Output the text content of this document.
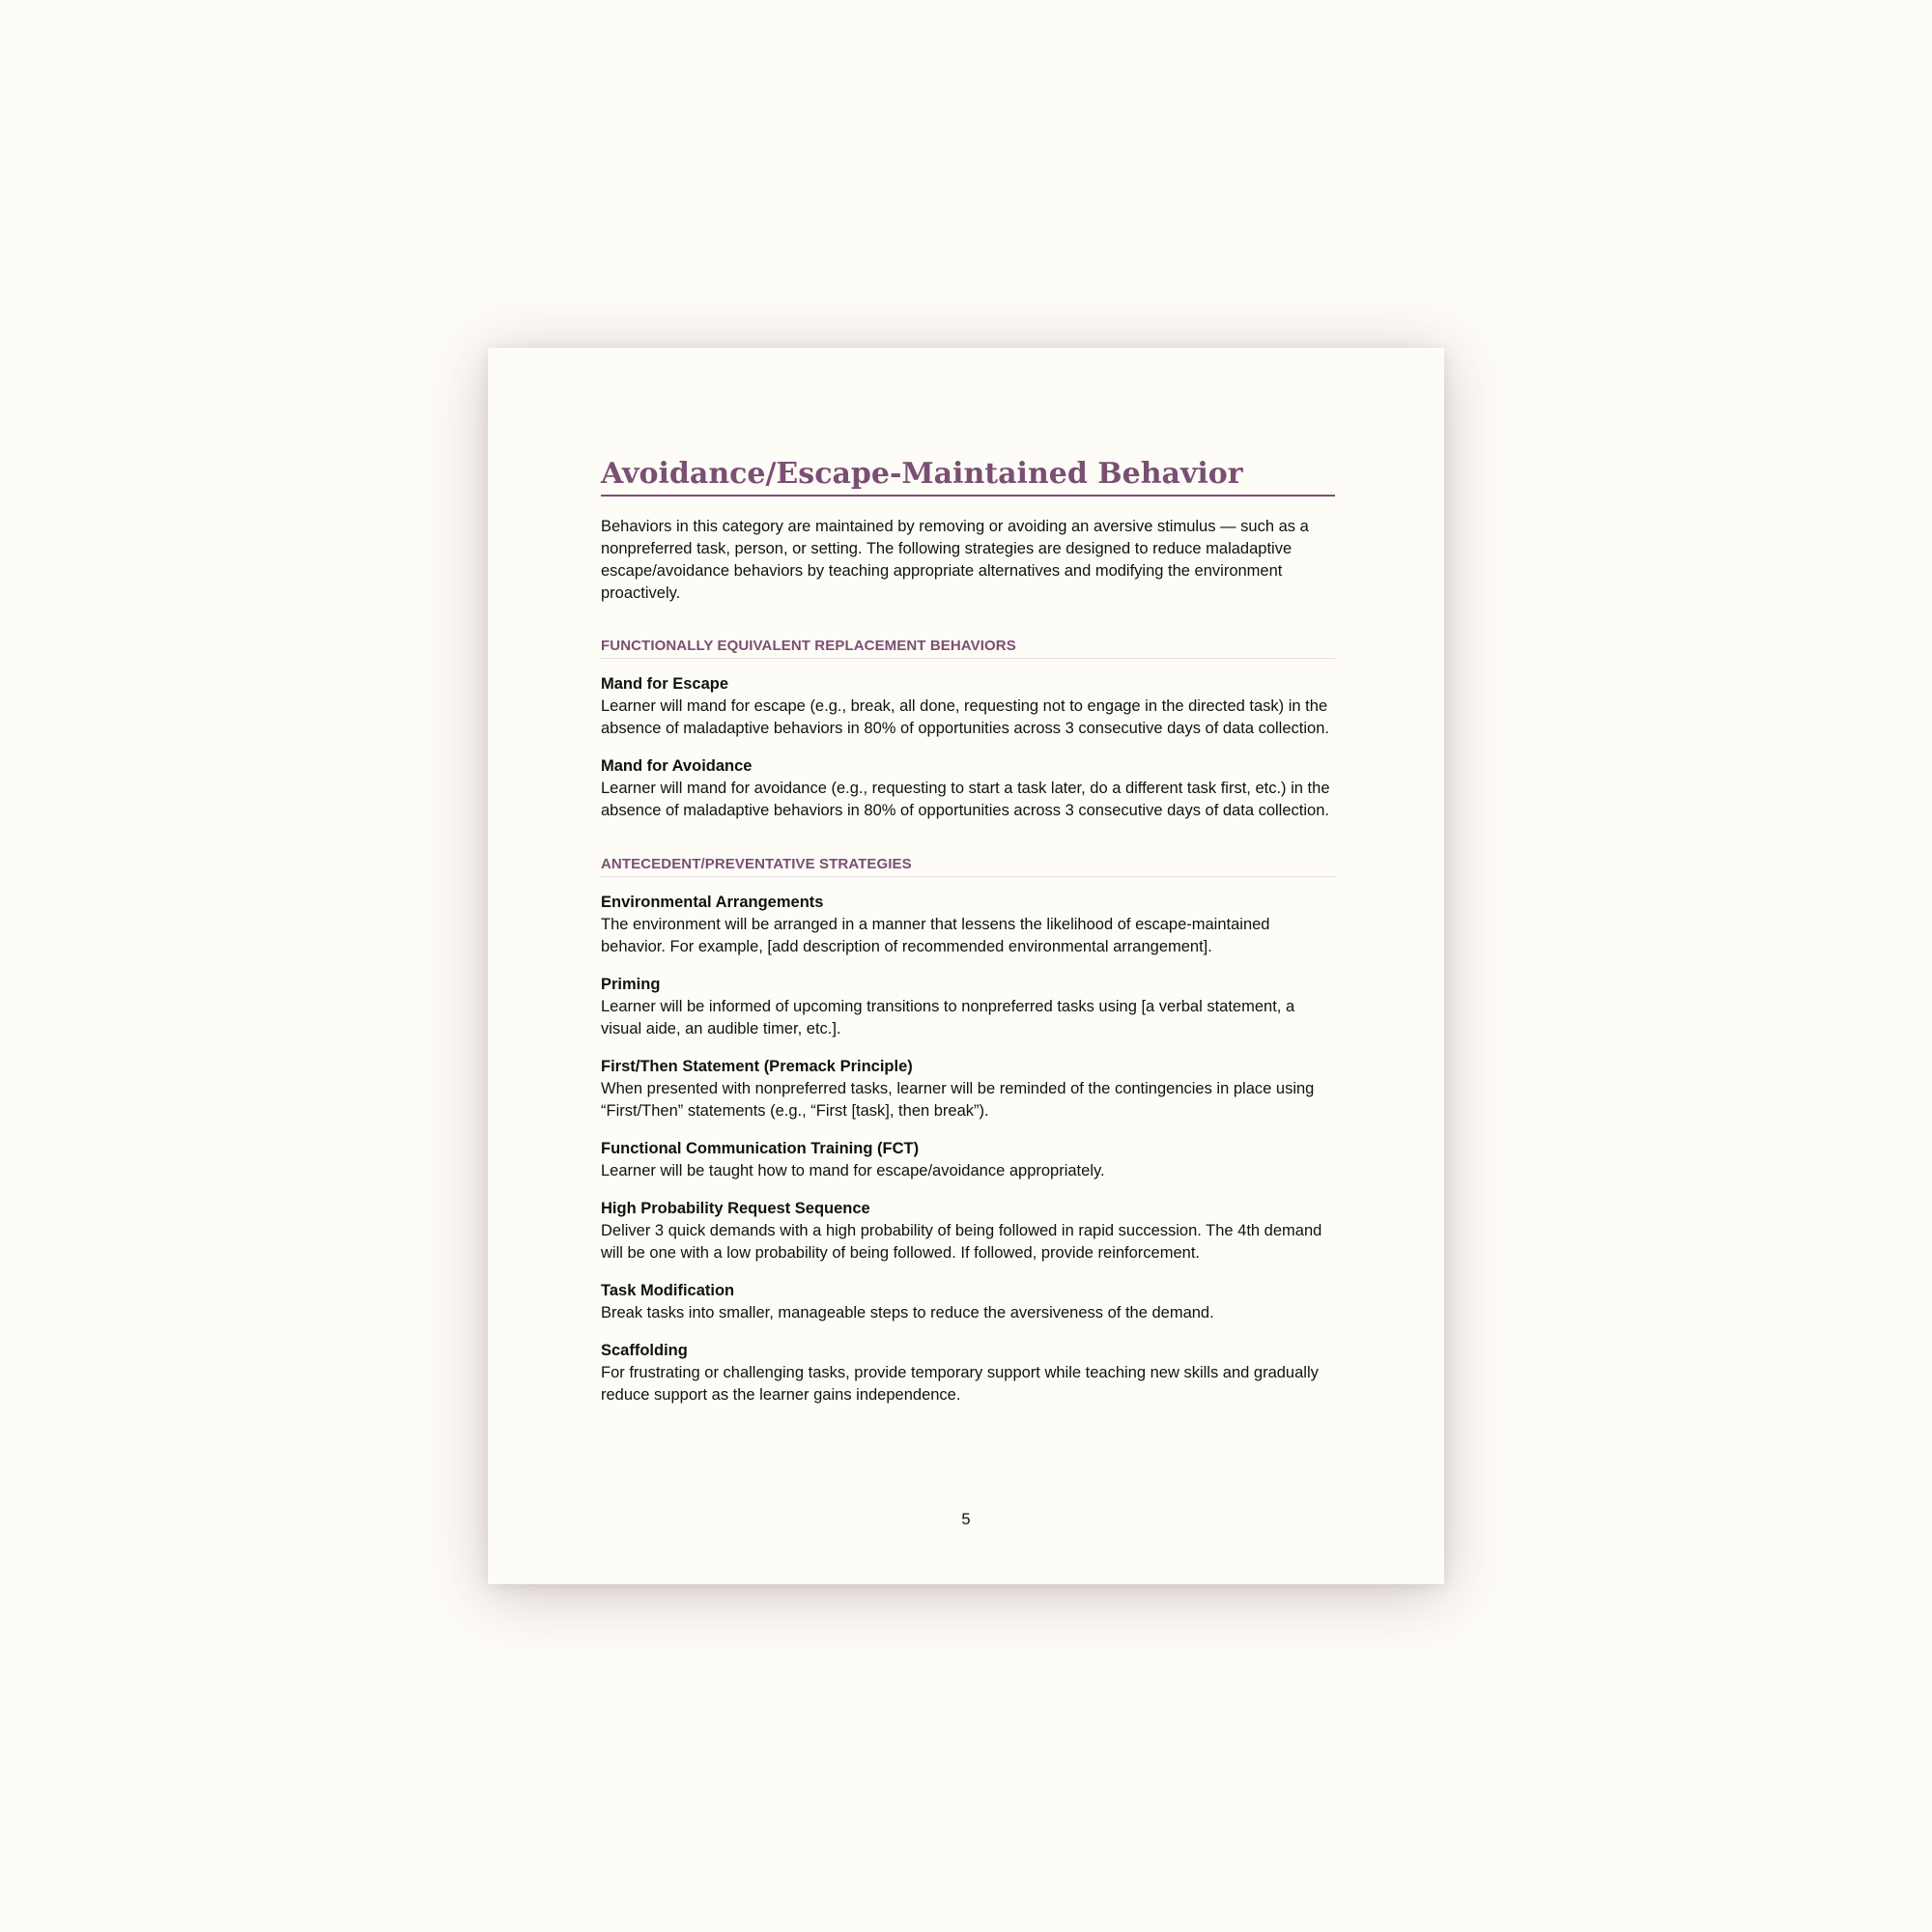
Avoidance/Escape-Maintained Behavior

Behaviors in this category are maintained by removing or avoiding an aversive stimulus — such as a nonpreferred task, person, or setting. The following strategies are designed to reduce maladaptive escape/avoidance behaviors by teaching appropriate alternatives and modifying the environment proactively.

FUNCTIONALLY EQUIVALENT REPLACEMENT BEHAVIORS
Mand for Escape
Learner will mand for escape (e.g., break, all done, requesting not to engage in the directed task) in the absence of maladaptive behaviors in 80% of opportunities across 3 consecutive days of data collection.
Mand for Avoidance
Learner will mand for avoidance (e.g., requesting to start a task later, do a different task first, etc.) in the absence of maladaptive behaviors in 80% of opportunities across 3 consecutive days of data collection.
ANTECEDENT/PREVENTATIVE STRATEGIES
Environmental Arrangements
The environment will be arranged in a manner that lessens the likelihood of escape-maintained behavior. For example, [add description of recommended environmental arrangement].
Priming
Learner will be informed of upcoming transitions to nonpreferred tasks using [a verbal statement, a visual aide, an audible timer, etc.].
First/Then Statement (Premack Principle)
When presented with nonpreferred tasks, learner will be reminded of the contingencies in place using “First/Then” statements (e.g., “First [task], then break”).
Functional Communication Training (FCT)
Learner will be taught how to mand for escape/avoidance appropriately.
High Probability Request Sequence
Deliver 3 quick demands with a high probability of being followed in rapid succession. The 4th demand will be one with a low probability of being followed. If followed, provide reinforcement.
Task Modification
Break tasks into smaller, manageable steps to reduce the aversiveness of the demand.
Scaffolding
For frustrating or challenging tasks, provide temporary support while teaching new skills and gradually reduce support as the learner gains independence.
5
